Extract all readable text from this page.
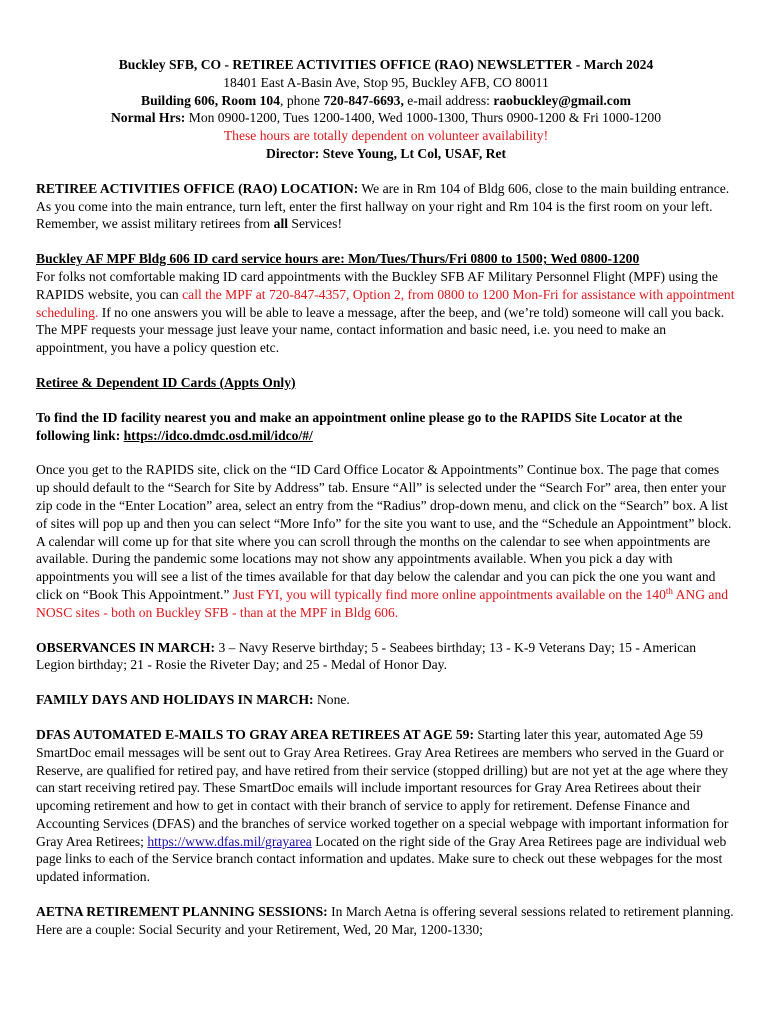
Buckley SFB, CO - RETIREE ACTIVITIES OFFICE (RAO) NEWSLETTER - March 2024
18401 East A-Basin Ave, Stop 95, Buckley AFB, CO 80011
Building 606, Room 104, phone 720-847-6693, e-mail address: raobuckley@gmail.com
Normal Hrs: Mon 0900-1200, Tues 1200-1400, Wed 1000-1300, Thurs 0900-1200 & Fri 1000-1200
These hours are totally dependent on volunteer availability!
Director: Steve Young, Lt Col, USAF, Ret

RETIREE ACTIVITIES OFFICE (RAO) LOCATION: We are in Rm 104 of Bldg 606, close to the main building entrance. As you come into the main entrance, turn left, enter the first hallway on your right and Rm 104 is the first room on your left. Remember, we assist military retirees from all Services!

Buckley AF MPF Bldg 606 ID card service hours are: Mon/Tues/Thurs/Fri 0800 to 1500; Wed 0800-1200

For folks not comfortable making ID card appointments with the Buckley SFB AF Military Personnel Flight (MPF) using the RAPIDS website, you can call the MPF at 720-847-4357, Option 2, from 0800 to 1200 Mon-Fri for assistance with appointment scheduling. If no one answers you will be able to leave a message, after the beep, and (we’re told) someone will call you back. The MPF requests your message just leave your name, contact information and basic need, i.e. you need to make an appointment, you have a policy question etc.

Retiree & Dependent ID Cards (Appts Only)

To find the ID facility nearest you and make an appointment online please go to the RAPIDS Site Locator at the following link: https://idco.dmdc.osd.mil/idco/#/

Once you get to the RAPIDS site, click on the “ID Card Office Locator & Appointments” Continue box. The page that comes up should default to the “Search for Site by Address” tab. Ensure “All” is selected under the “Search For” area, then enter your zip code in the “Enter Location” area, select an entry from the “Radius” drop-down menu, and click on the “Search” box. A list of sites will pop up and then you can select “More Info” for the site you want to use, and the “Schedule an Appointment” block. A calendar will come up for that site where you can scroll through the months on the calendar to see when appointments are available. During the pandemic some locations may not show any appointments available. When you pick a day with appointments you will see a list of the times available for that day below the calendar and you can pick the one you want and click on “Book This Appointment.” Just FYI, you will typically find more online appointments available on the 140th ANG and NOSC sites - both on Buckley SFB - than at the MPF in Bldg 606.

OBSERVANCES IN MARCH: 3 – Navy Reserve birthday; 5 - Seabees birthday; 13 - K-9 Veterans Day; 15 - American Legion birthday; 21 - Rosie the Riveter Day; and 25 - Medal of Honor Day.

FAMILY DAYS AND HOLIDAYS IN MARCH: None.

DFAS AUTOMATED E-MAILS TO GRAY AREA RETIREES AT AGE 59: Starting later this year, automated Age 59 SmartDoc email messages will be sent out to Gray Area Retirees. Gray Area Retirees are members who served in the Guard or Reserve, are qualified for retired pay, and have retired from their service (stopped drilling) but are not yet at the age where they can start receiving retired pay. These SmartDoc emails will include important resources for Gray Area Retirees about their upcoming retirement and how to get in contact with their branch of service to apply for retirement. Defense Finance and Accounting Services (DFAS) and the branches of service worked together on a special webpage with important information for Gray Area Retirees; https://www.dfas.mil/grayarea Located on the right side of the Gray Area Retirees page are individual web page links to each of the Service branch contact information and updates. Make sure to check out these webpages for the most updated information.

AETNA RETIREMENT PLANNING SESSIONS: In March Aetna is offering several sessions related to retirement planning. Here are a couple: Social Security and your Retirement, Wed, 20 Mar, 1200-1330;
